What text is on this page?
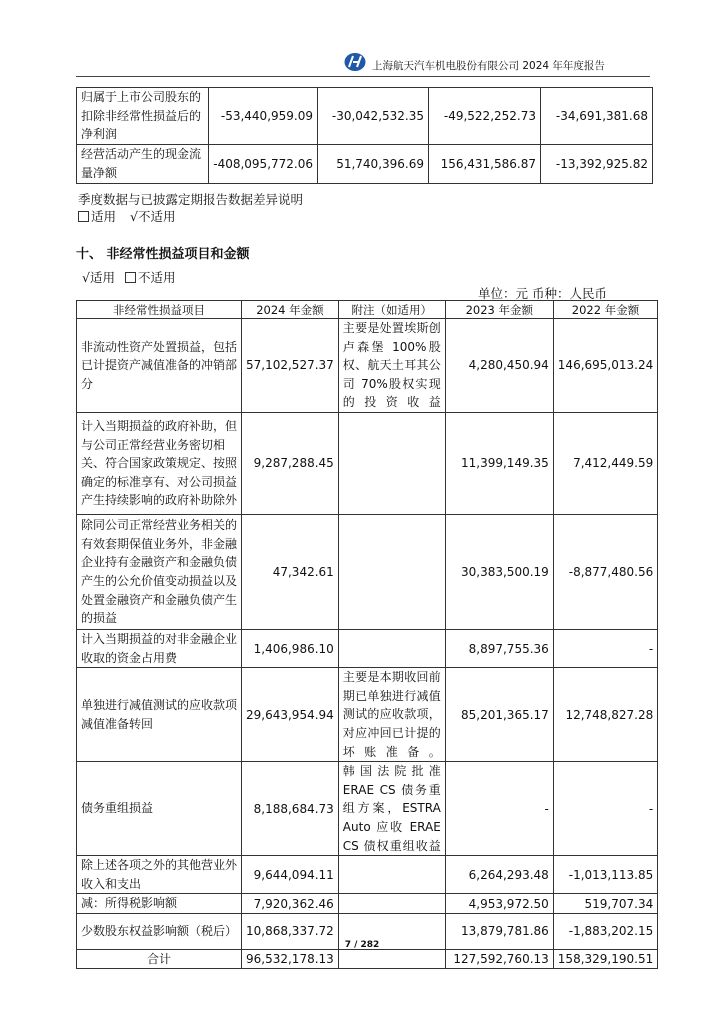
上海航天汽车机电股份有限公司 2024 年年度报告
归属于上市公司股东的扣除非经常性损益后的净利润	-53,440,959.09	-30,042,532.35	-49,522,252.73	-34,691,381.68
经营活动产生的现金流量净额	-408,095,772.06	51,740,396.69	156,431,586.87	-13,392,925.82
季度数据与已披露定期报告数据差异说明
适用 √不适用
十、 非经常性损益项目和金额
√适用 不适用
单位：元 币种：人民币
非经常性损益项目	2024 年金额	附注（如适用）	2023 年金额	2022 年金额
非流动性资产处置损益，包括已计提资产减值准备的冲销部分	57,102,527.37	主要是处置埃斯创卢森堡 100%股权、航天土耳其公司 70%股权实现的投资收益	4,280,450.94	146,695,013.24
计入当期损益的政府补助，但与公司正常经营业务密切相关、符合国家政策规定、按照确定的标准享有、对公司损益产生持续影响的政府补助除外	9,287,288.45		11,399,149.35	7,412,449.59
除同公司正常经营业务相关的有效套期保值业务外，非金融企业持有金融资产和金融负债产生的公允价值变动损益以及处置金融资产和金融负债产生的损益	47,342.61		30,383,500.19	-8,877,480.56
计入当期损益的对非金融企业收取的资金占用费	1,406,986.10		8,897,755.36	-
单独进行减值测试的应收款项减值准备转回	29,643,954.94	主要是本期收回前期已单独进行减值测试的应收款项，对应冲回已计提的坏账准备。	85,201,365.17	12,748,827.28
债务重组损益	8,188,684.73	韩国法院批准ERAE CS 债务重组方案，ESTRA Auto 应收 ERAE CS 债权重组收益	-	-
除上述各项之外的其他营业外收入和支出	9,644,094.11		6,264,293.48	-1,013,113.85
减：所得税影响额	7,920,362.46		4,953,972.50	519,707.34
少数股东权益影响额（税后）	10,868,337.72		13,879,781.86	-1,883,202.15
合计	96,532,178.13		127,592,760.13	158,329,190.51
7 / 282
